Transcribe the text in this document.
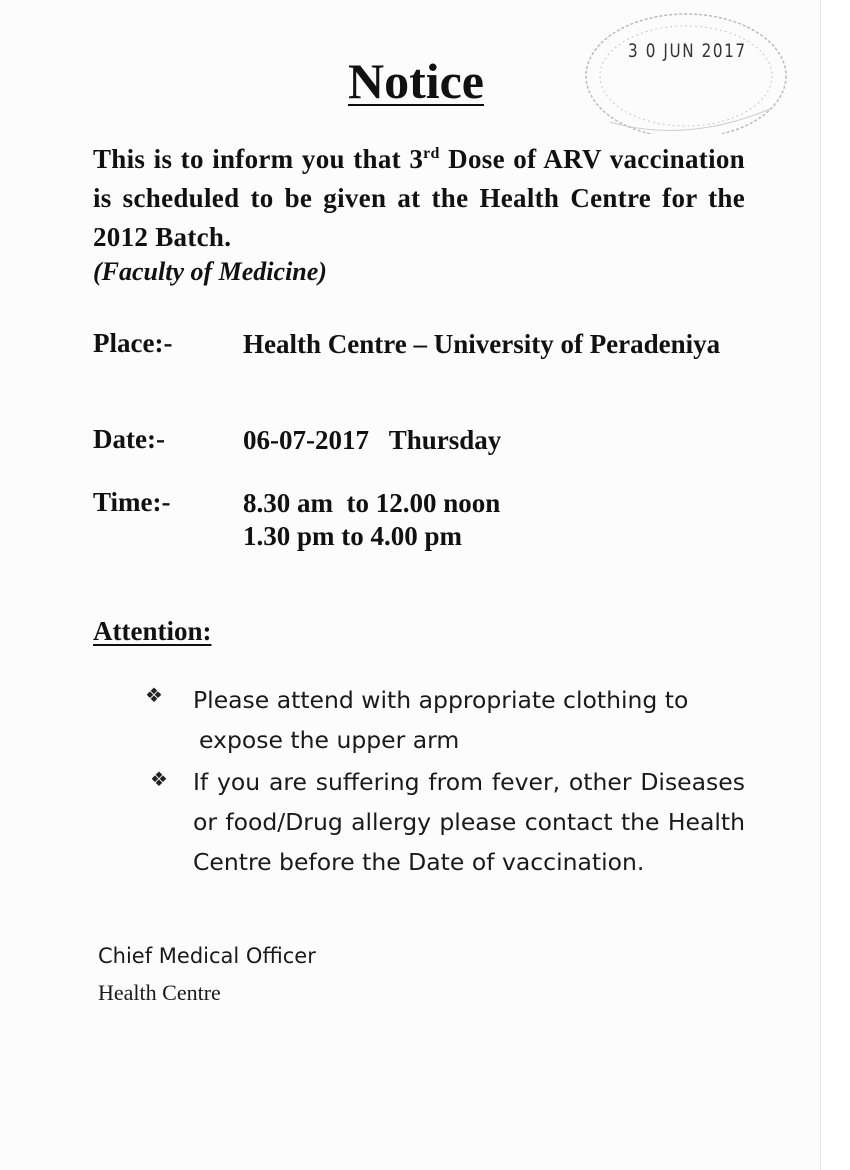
3 0 JUN 2017
Notice
This is to inform you that 3rd Dose of ARV vaccination is scheduled to be given at the Health Centre for the 2012 Batch.
(Faculty of Medicine)
Place:-	Health Centre – University of Peradeniya
Date:-	06-07-2017   Thursday
Time:-	8.30 am  to 12.00 noon
1.30 pm to 4.00 pm
Attention:
❖ Please attend with appropriate clothing to
expose the upper arm
❖ If you are suffering from fever, other Diseases or food/Drug allergy please contact the Health Centre before the Date of vaccination.
Chief Medical Officer
Health Centre
